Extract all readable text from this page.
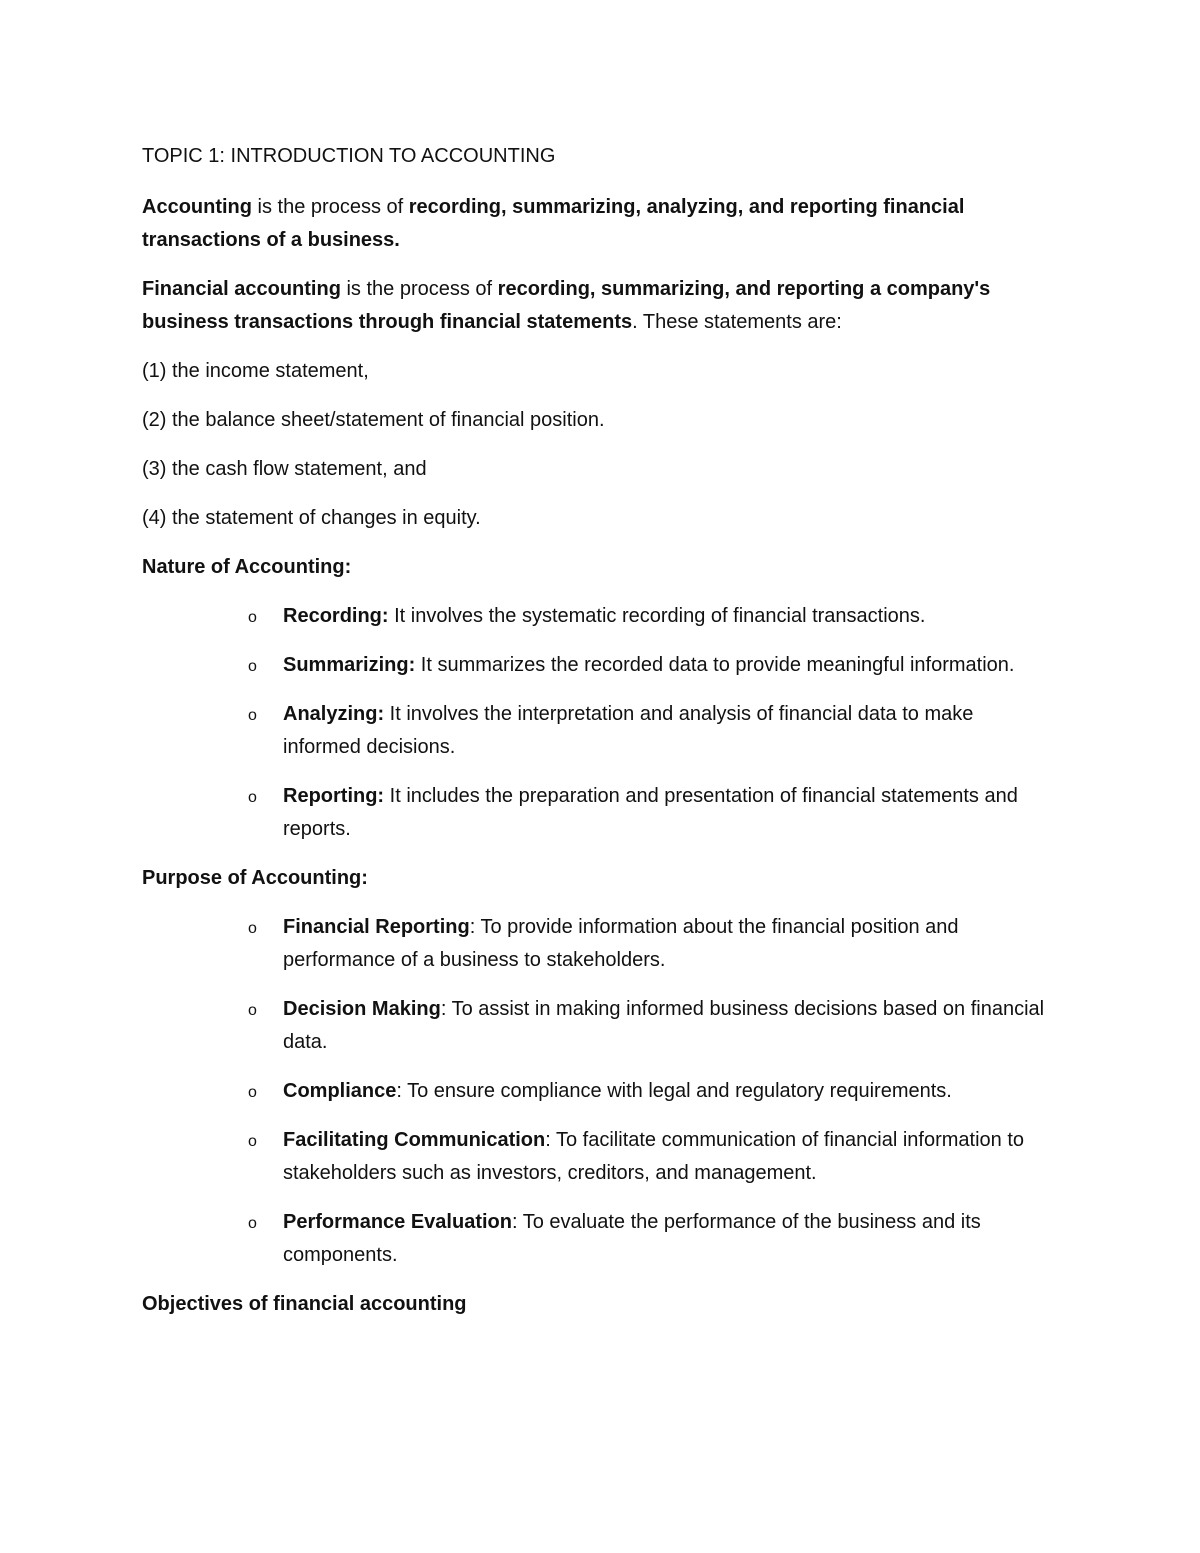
TOPIC 1: INTRODUCTION TO ACCOUNTING

Accounting is the process of recording, summarizing, analyzing, and reporting financial transactions of a business.

Financial accounting is the process of recording, summarizing, and reporting a company's business transactions through financial statements. These statements are:

(1) the income statement,

(2) the balance sheet/statement of financial position.

(3) the cash flow statement, and

(4) the statement of changes in equity.

Nature of Accounting:

o Recording: It involves the systematic recording of financial transactions.
o Summarizing: It summarizes the recorded data to provide meaningful information.
o Analyzing: It involves the interpretation and analysis of financial data to make informed decisions.
o Reporting: It includes the preparation and presentation of financial statements and reports.

Purpose of Accounting:

o Financial Reporting: To provide information about the financial position and performance of a business to stakeholders.
o Decision Making: To assist in making informed business decisions based on financial data.
o Compliance: To ensure compliance with legal and regulatory requirements.
o Facilitating Communication: To facilitate communication of financial information to stakeholders such as investors, creditors, and management.
o Performance Evaluation: To evaluate the performance of the business and its components.

Objectives of financial accounting
